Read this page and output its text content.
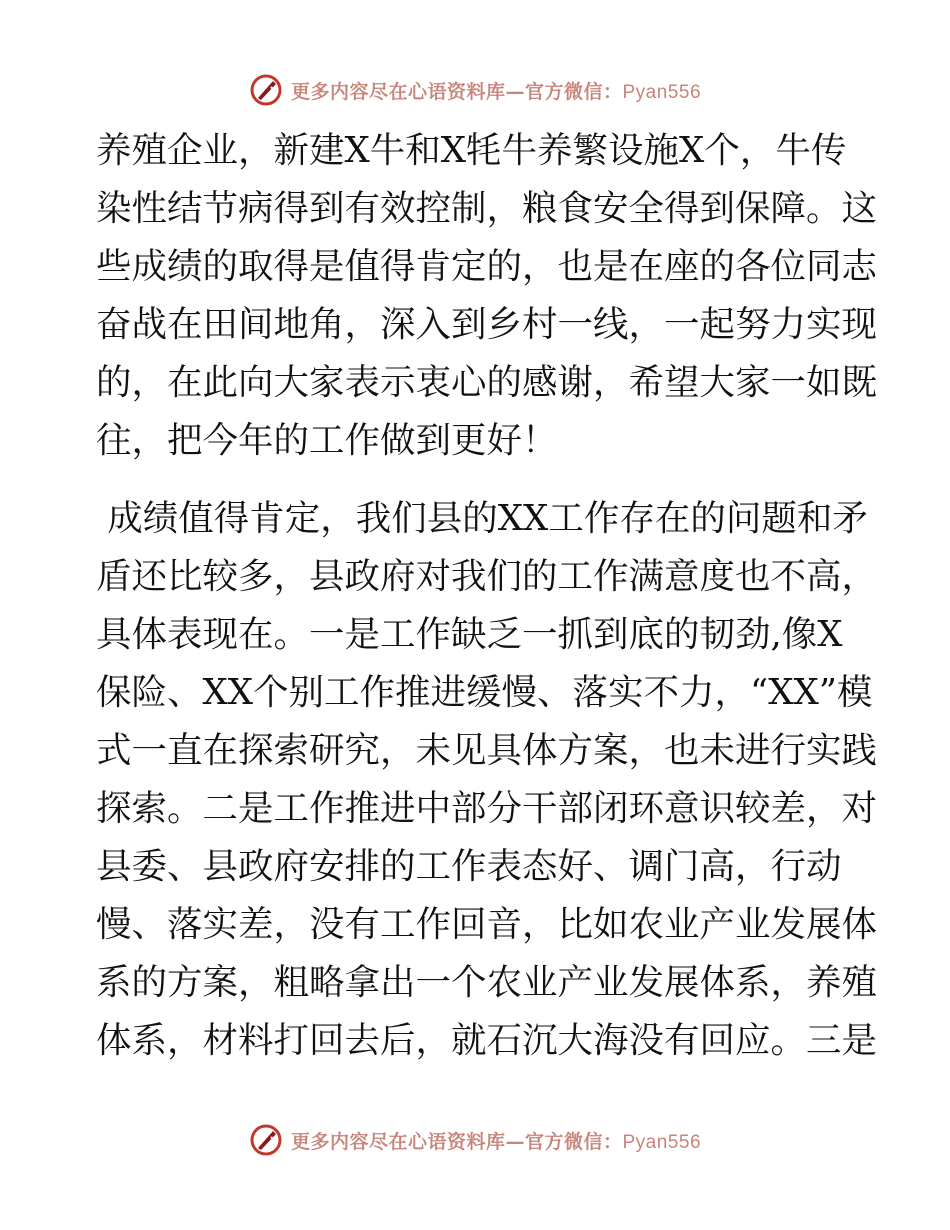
更多内容尽在心语资料库—官方微信：Pyan556

养殖企业，新建X牛和X牦牛养繁设施X个，牛传
染性结节病得到有效控制，粮食安全得到保障。这
些成绩的取得是值得肯定的，也是在座的各位同志
奋战在田间地角，深入到乡村一线，一起努力实现
的，在此向大家表示衷心的感谢，希望大家一如既
往，把今年的工作做到更好！

成绩值得肯定，我们县的XX工作存在的问题和矛
盾还比较多，县政府对我们的工作满意度也不高，
具体表现在。一是工作缺乏一抓到底的韧劲,像X
保险、XX个别工作推进缓慢、落实不力，“XX”模
式一直在探索研究，未见具体方案，也未进行实践
探索。二是工作推进中部分干部闭环意识较差，对
县委、县政府安排的工作表态好、调门高，行动
慢、落实差，没有工作回音，比如农业产业发展体
系的方案，粗略拿出一个农业产业发展体系，养殖
体系，材料打回去后，就石沉大海没有回应。三是

更多内容尽在心语资料库—官方微信：Pyan556
